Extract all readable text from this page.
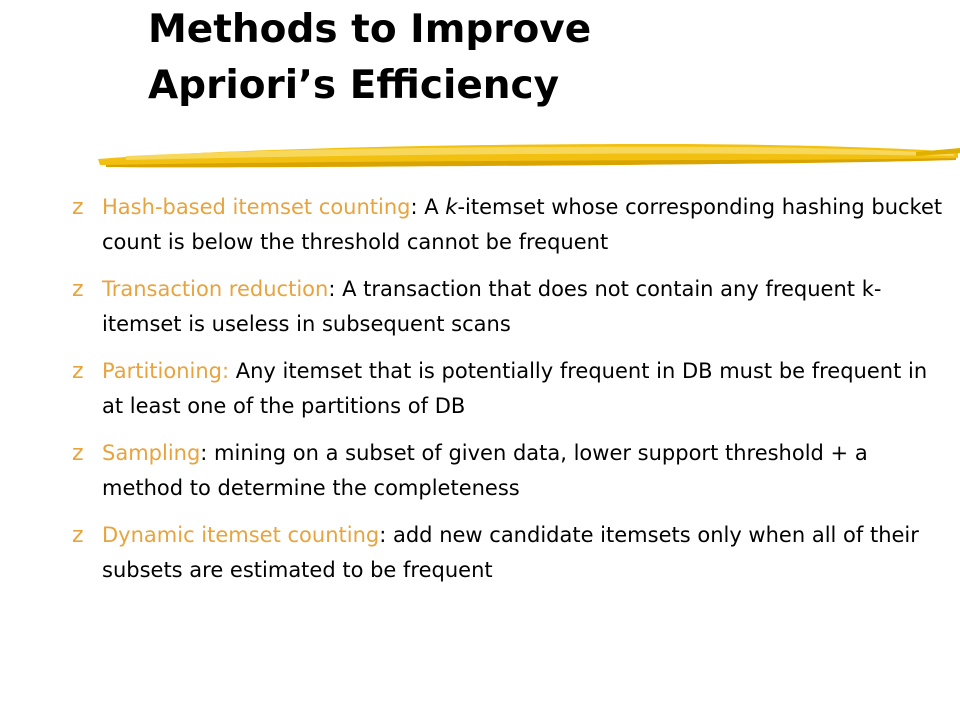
Methods to Improve
Apriori’s Efficiency
z Hash-based itemset counting: A k-itemset whose corresponding hashing bucket count is below the threshold cannot be frequent
z Transaction reduction: A transaction that does not contain any frequent k-itemset is useless in subsequent scans
z Partitioning: Any itemset that is potentially frequent in DB must be frequent in at least one of the partitions of DB
z Sampling: mining on a subset of given data, lower support threshold + a method to determine the completeness
z Dynamic itemset counting: add new candidate itemsets only when all of their subsets are estimated to be frequent
